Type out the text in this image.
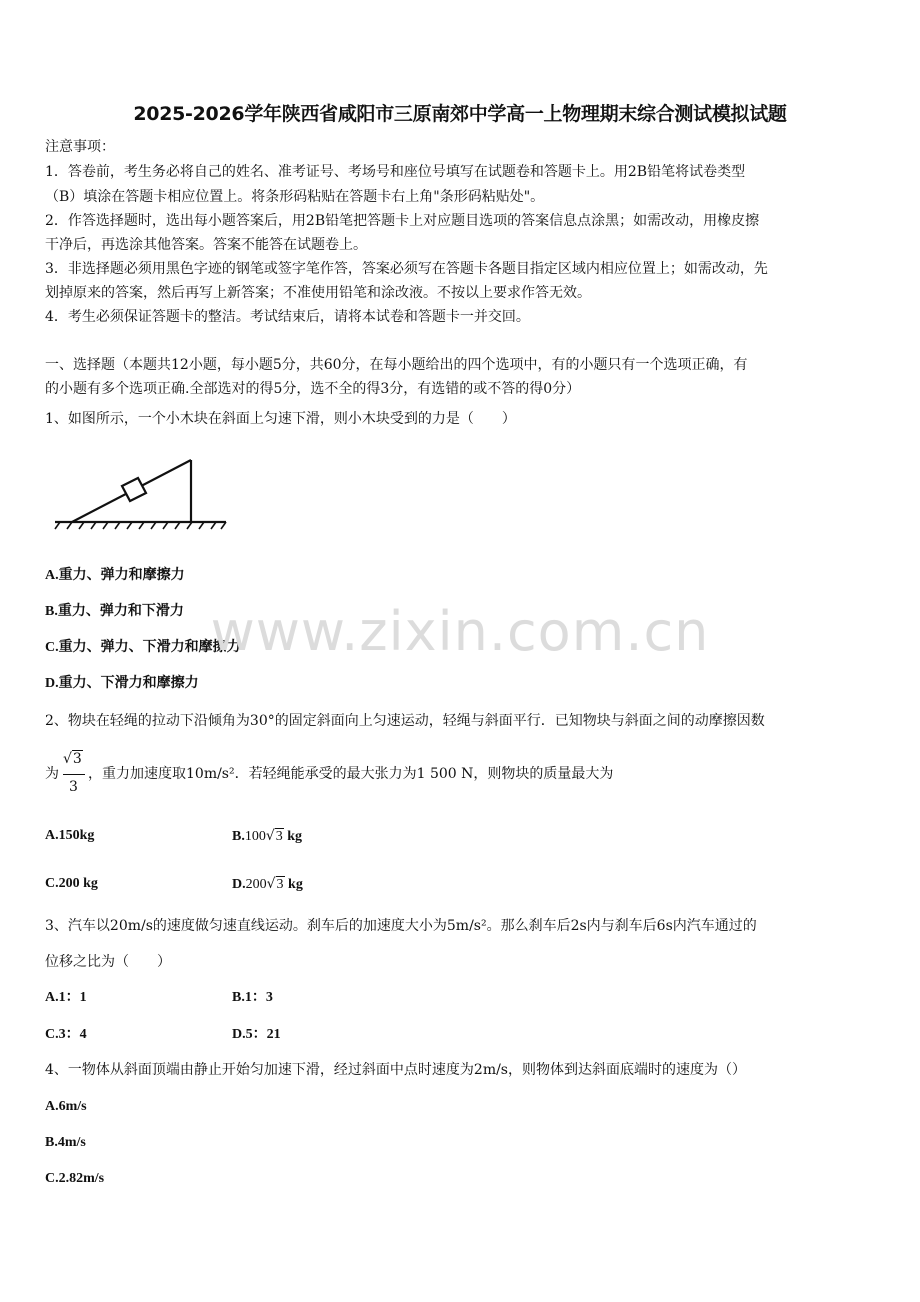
2025-2026学年陕西省咸阳市三原南郊中学高一上物理期末综合测试模拟试题
注意事项：
1．答卷前，考生务必将自己的姓名、准考证号、考场号和座位号填写在试题卷和答题卡上。用2B铅笔将试卷类型
（B）填涂在答题卡相应位置上。将条形码粘贴在答题卡右上角"条形码粘贴处"。
2．作答选择题时，选出每小题答案后，用2B铅笔把答题卡上对应题目选项的答案信息点涂黑；如需改动，用橡皮擦
干净后，再选涂其他答案。答案不能答在试题卷上。
3．非选择题必须用黑色字迹的钢笔或签字笔作答，答案必须写在答题卡各题目指定区域内相应位置上；如需改动，先
划掉原来的答案，然后再写上新答案；不准使用铅笔和涂改液。不按以上要求作答无效。
4．考生必须保证答题卡的整洁。考试结束后，请将本试卷和答题卡一并交回。
一、选择题（本题共12小题，每小题5分，共60分，在每小题给出的四个选项中，有的小题只有一个选项正确，有
的小题有多个选项正确.全部选对的得5分，选不全的得3分，有选错的或不答的得0分）
1、如图所示，一个小木块在斜面上匀速下滑，则小木块受到的力是（　　）
A.重力、弹力和摩擦力
B.重力、弹力和下滑力
C.重力、弹力、下滑力和摩擦力
D.重力、下滑力和摩擦力
2、物块在轻绳的拉动下沿倾角为30°的固定斜面向上匀速运动，轻绳与斜面平行．已知物块与斜面之间的动摩擦因数
为
√3
3
，重力加速度取10m/s²．若轻绳能承受的最大张力为1 500 N，则物块的质量最大为
A.150kg	B.100√3 kg
C.200 kg	D.200√3 kg
3、汽车以20m/s的速度做匀速直线运动。刹车后的加速度大小为5m/s²。那么刹车后2s内与刹车后6s内汽车通过的
位移之比为（　　）
A.1：1	B.1：3
C.3：4	D.5：21
4、一物体从斜面顶端由静止开始匀加速下滑，经过斜面中点时速度为2m/s，则物体到达斜面底端时的速度为（）
A.6m/s
B.4m/s
C.2.82m/s
www.zixin.com.cn
